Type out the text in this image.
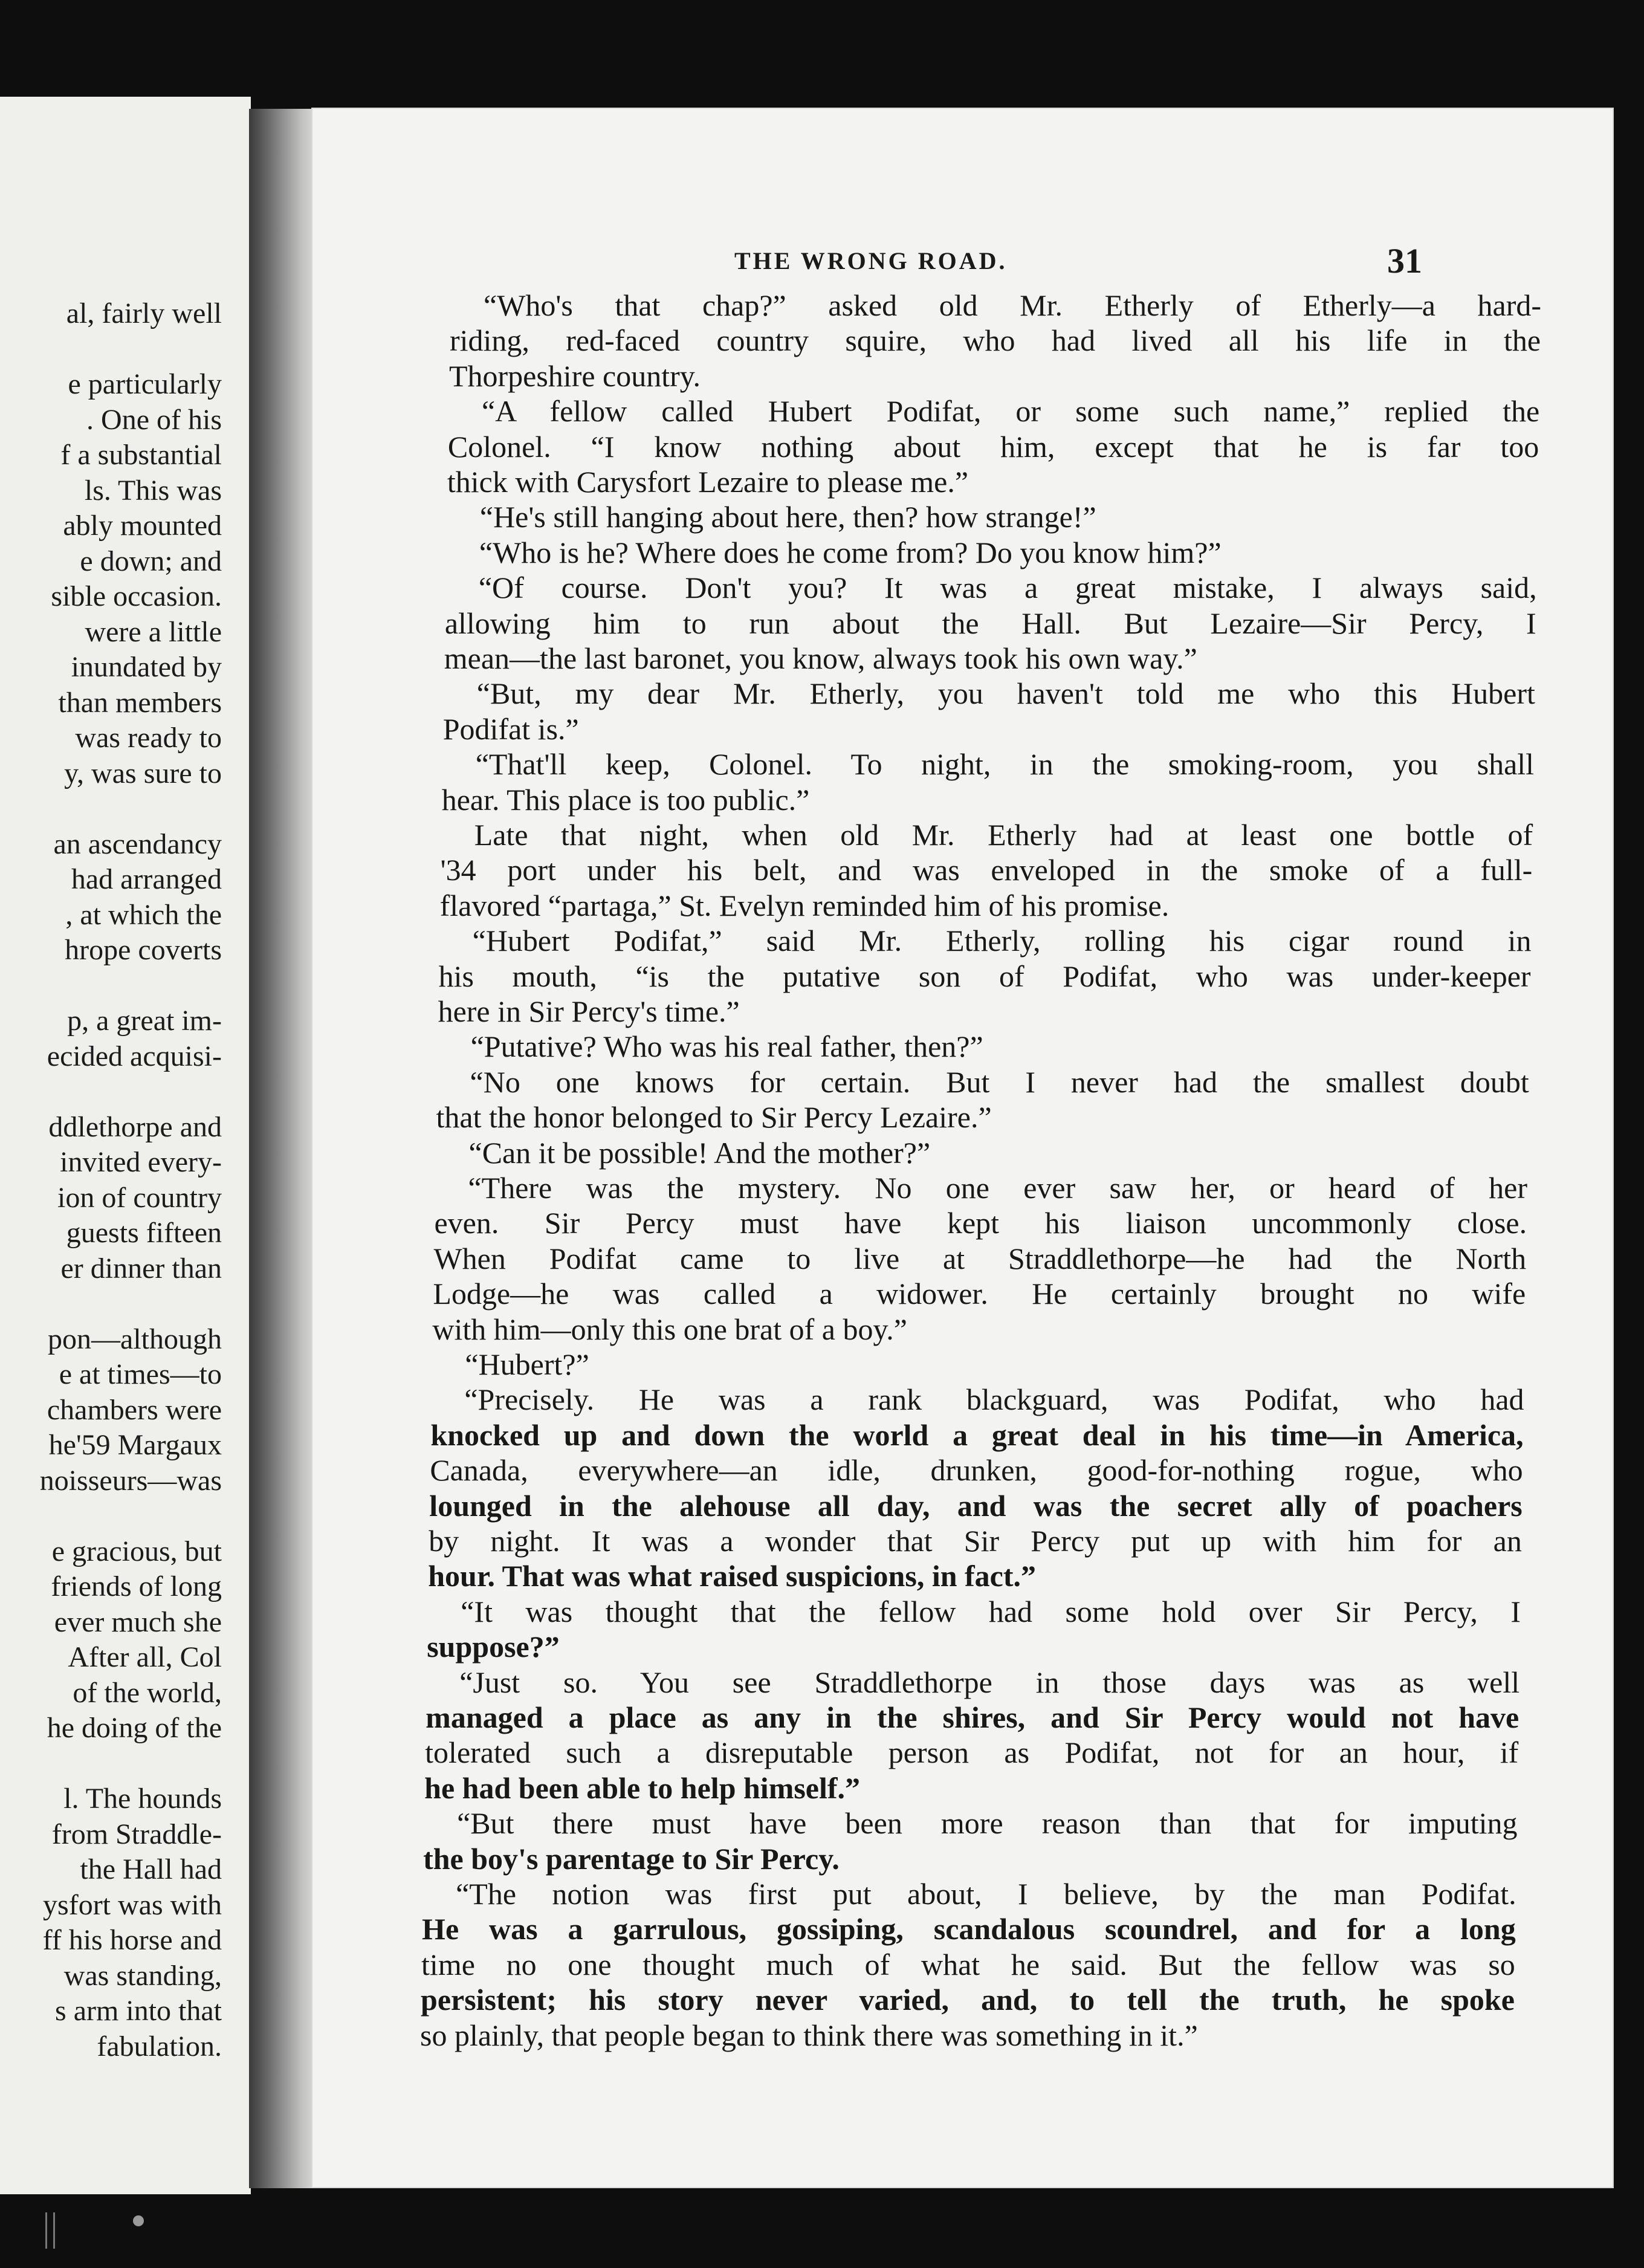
al, fairly well
e particularly
. One of his
f a substantial
ls. This was
ably mounted
e down; and
sible occasion.
were a little
inundated by
than members
was ready to
y, was sure to
an ascendancy
had arranged
, at which the
hrope coverts
p, a great im-
ecided acquisi-
ddlethorpe and
invited every-
ion of country
guests fifteen
er dinner than
pon—although
e at times—to
chambers were
he'59 Margaux
noisseurs—was
e gracious, but
friends of long
ever much she
After all, Col
of the world,
he doing of the
l. The hounds
from Straddle-
the Hall had
ysfort was with
ff his horse and
was standing,
s arm into that
fabulation.
THE WRONG ROAD.	31
“Who's that chap?” asked old Mr. Etherly of Etherly—a hard-
riding, red-faced country squire, who had lived all his life in the
Thorpeshire country.
“A fellow called Hubert Podifat, or some such name,” replied the
Colonel. “I know nothing about him, except that he is far too
thick with Carysfort Lezaire to please me.”
“He's still hanging about here, then? how strange!”
“Who is he? Where does he come from? Do you know him?”
“Of course. Don't you? It was a great mistake, I always said,
allowing him to run about the Hall. But Lezaire—Sir Percy, I
mean—the last baronet, you know, always took his own way.”
“But, my dear Mr. Etherly, you haven't told me who this Hubert
Podifat is.”
“That'll keep, Colonel. To night, in the smoking-room, you shall
hear. This place is too public.”
Late that night, when old Mr. Etherly had at least one bottle of
'34 port under his belt, and was enveloped in the smoke of a full-
flavored “partaga,” St. Evelyn reminded him of his promise.
“Hubert Podifat,” said Mr. Etherly, rolling his cigar round in
his mouth, “is the putative son of Podifat, who was under-keeper
here in Sir Percy's time.”
“Putative? Who was his real father, then?”
“No one knows for certain. But I never had the smallest doubt
that the honor belonged to Sir Percy Lezaire.”
“Can it be possible! And the mother?”
“There was the mystery. No one ever saw her, or heard of her
even. Sir Percy must have kept his liaison uncommonly close.
When Podifat came to live at Straddlethorpe—he had the North
Lodge—he was called a widower. He certainly brought no wife
with him—only this one brat of a boy.”
“Hubert?”
“Precisely. He was a rank blackguard, was Podifat, who had
knocked up and down the world a great deal in his time—in America,
Canada, everywhere—an idle, drunken, good-for-nothing rogue, who
lounged in the alehouse all day, and was the secret ally of poachers
by night. It was a wonder that Sir Percy put up with him for an
hour. That was what raised suspicions, in fact.”
“It was thought that the fellow had some hold over Sir Percy, I
suppose?”
“Just so. You see Straddlethorpe in those days was as well
managed a place as any in the shires, and Sir Percy would not have
tolerated such a disreputable person as Podifat, not for an hour, if
he had been able to help himself.”
“But there must have been more reason than that for imputing
the boy's parentage to Sir Percy.
“The notion was first put about, I believe, by the man Podifat.
He was a garrulous, gossiping, scandalous scoundrel, and for a long
time no one thought much of what he said. But the fellow was so
persistent; his story never varied, and, to tell the truth, he spoke
so plainly, that people began to think there was something in it.”
